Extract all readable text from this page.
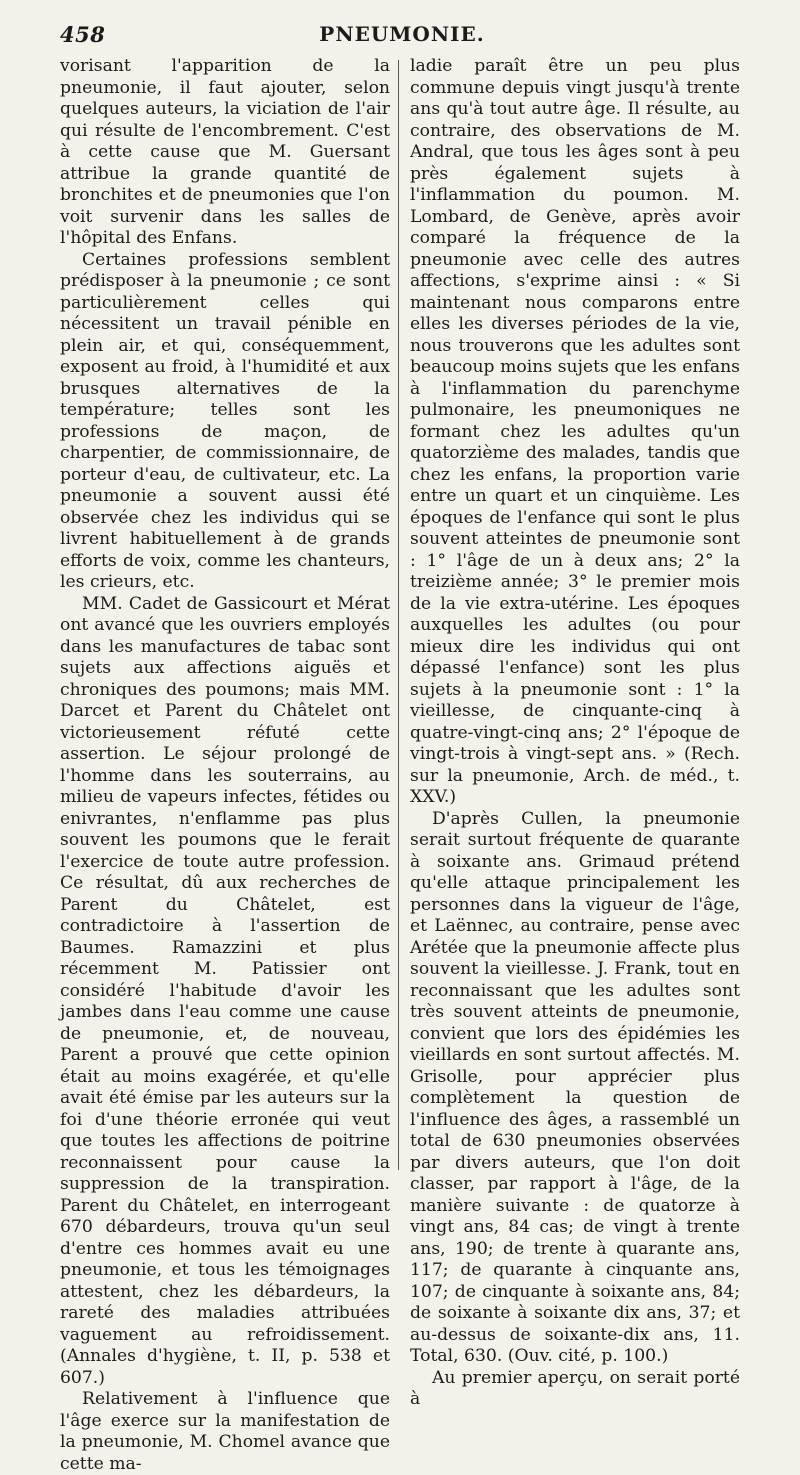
458	PNEUMONIE.

vorisant l'apparition de la pneumonie, il faut ajouter, selon quelques auteurs, la viciation de l'air qui résulte de l'encombrement. C'est à cette cause que M. Guersant attribue la grande quantité de bronchites et de pneumonies que l'on voit survenir dans les salles de l'hôpital des Enfans.

Certaines professions semblent prédisposer à la pneumonie ; ce sont particulièrement celles qui nécessitent un travail pénible en plein air, et qui, conséquemment, exposent au froid, à l'humidité et aux brusques alternatives de la température; telles sont les professions de maçon, de charpentier, de commissionnaire, de porteur d'eau, de cultivateur, etc. La pneumonie a souvent aussi été observée chez les individus qui se livrent habituellement à de grands efforts de voix, comme les chanteurs, les crieurs, etc.

MM. Cadet de Gassicourt et Mérat ont avancé que les ouvriers employés dans les manufactures de tabac sont sujets aux affections aiguës et chroniques des poumons; mais MM. Darcet et Parent du Châtelet ont victorieusement réfuté cette assertion. Le séjour prolongé de l'homme dans les souterrains, au milieu de vapeurs infectes, fétides ou enivrantes, n'enflamme pas plus souvent les poumons que le ferait l'exercice de toute autre profession. Ce résultat, dû aux recherches de Parent du Châtelet, est contradictoire à l'assertion de Baumes. Ramazzini et plus récemment M. Patissier ont considéré l'habitude d'avoir les jambes dans l'eau comme une cause de pneumonie, et, de nouveau, Parent a prouvé que cette opinion était au moins exagérée, et qu'elle avait été émise par les auteurs sur la foi d'une théorie erronée qui veut que toutes les affections de poitrine reconnaissent pour cause la suppression de la transpiration. Parent du Châtelet, en interrogeant 670 débardeurs, trouva qu'un seul d'entre ces hommes avait eu une pneumonie, et tous les témoignages attestent, chez les débardeurs, la rareté des maladies attribuées vaguement au refroidissement. (Annales d'hygiène, t. II, p. 538 et 607.)

Relativement à l'influence que l'âge exerce sur la manifestation de la pneumonie, M. Chomel avance que cette ma-

ladie paraît être un peu plus commune depuis vingt jusqu'à trente ans qu'à tout autre âge. Il résulte, au contraire, des observations de M. Andral, que tous les âges sont à peu près également sujets à l'inflammation du poumon. M. Lombard, de Genève, après avoir comparé la fréquence de la pneumonie avec celle des autres affections, s'exprime ainsi : « Si maintenant nous comparons entre elles les diverses périodes de la vie, nous trouverons que les adultes sont beaucoup moins sujets que les enfans à l'inflammation du parenchyme pulmonaire, les pneumoniques ne formant chez les adultes qu'un quatorzième des malades, tandis que chez les enfans, la proportion varie entre un quart et un cinquième. Les époques de l'enfance qui sont le plus souvent atteintes de pneumonie sont : 1° l'âge de un à deux ans; 2° la treizième année; 3° le premier mois de la vie extra-utérine. Les époques auxquelles les adultes (ou pour mieux dire les individus qui ont dépassé l'enfance) sont les plus sujets à la pneumonie sont : 1° la vieillesse, de cinquante-cinq à quatre-vingt-cinq ans; 2° l'époque de vingt-trois à vingt-sept ans. » (Rech. sur la pneumonie, Arch. de méd., t. XXV.)

D'après Cullen, la pneumonie serait surtout fréquente de quarante à soixante ans. Grimaud prétend qu'elle attaque principalement les personnes dans la vigueur de l'âge, et Laënnec, au contraire, pense avec Arétée que la pneumonie affecte plus souvent la vieillesse. J. Frank, tout en reconnaissant que les adultes sont très souvent atteints de pneumonie, convient que lors des épidémies les vieillards en sont surtout affectés. M. Grisolle, pour apprécier plus complètement la question de l'influence des âges, a rassemblé un total de 630 pneumonies observées par divers auteurs, que l'on doit classer, par rapport à l'âge, de la manière suivante : de quatorze à vingt ans, 84 cas; de vingt à trente ans, 190; de trente à quarante ans, 117; de quarante à cinquante ans, 107; de cinquante à soixante ans, 84; de soixante à soixante dix ans, 37; et au-dessus de soixante-dix ans, 11. Total, 630. (Ouv. cité, p. 100.)

Au premier aperçu, on serait porté à
